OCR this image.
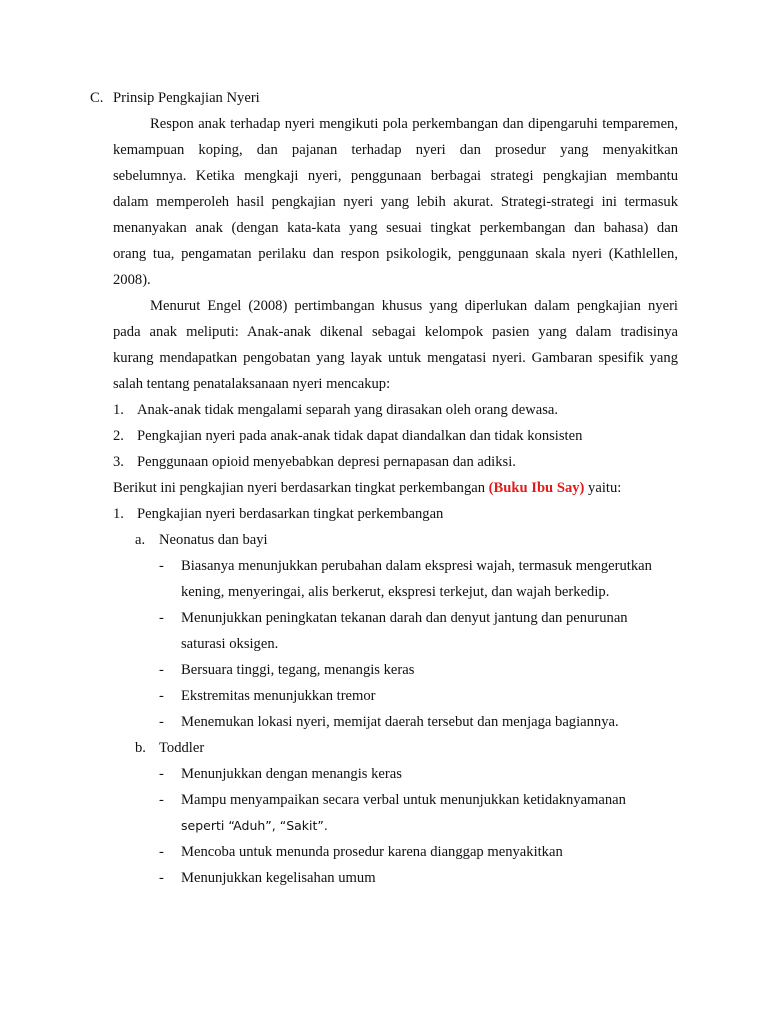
C. Prinsip Pengkajian Nyeri
Respon anak terhadap nyeri mengikuti pola perkembangan dan dipengaruhi temparemen,
kemampuan koping, dan pajanan terhadap nyeri dan prosedur yang menyakitkan
sebelumnya. Ketika mengkaji nyeri, penggunaan berbagai strategi pengkajian membantu
dalam memperoleh hasil pengkajian nyeri yang lebih akurat. Strategi-strategi ini termasuk
menanyakan anak (dengan kata-kata yang sesuai tingkat perkembangan dan bahasa) dan
orang tua, pengamatan perilaku dan respon psikologik, penggunaan skala nyeri (Kathlellen,
2008).
Menurut Engel (2008) pertimbangan khusus yang diperlukan dalam pengkajian nyeri
pada anak meliputi: Anak-anak dikenal sebagai kelompok pasien yang dalam tradisinya
kurang mendapatkan pengobatan yang layak untuk mengatasi nyeri. Gambaran spesifik yang
salah tentang penatalaksanaan nyeri mencakup:
1. Anak-anak tidak mengalami separah yang dirasakan oleh orang dewasa.
2. Pengkajian nyeri pada anak-anak tidak dapat diandalkan dan tidak konsisten
3. Penggunaan opioid menyebabkan depresi pernapasan dan adiksi.
Berikut ini pengkajian nyeri berdasarkan tingkat perkembangan (Buku Ibu Say) yaitu:
1. Pengkajian nyeri berdasarkan tingkat perkembangan
a. Neonatus dan bayi
- Biasanya menunjukkan perubahan dalam ekspresi wajah, termasuk mengerutkan
kening, menyeringai, alis berkerut, ekspresi terkejut, dan wajah berkedip.
- Menunjukkan peningkatan tekanan darah dan denyut jantung dan penurunan
saturasi oksigen.
- Bersuara tinggi, tegang, menangis keras
- Ekstremitas menunjukkan tremor
- Menemukan lokasi nyeri, memijat daerah tersebut dan menjaga bagiannya.
b. Toddler
- Menunjukkan dengan menangis keras
- Mampu menyampaikan secara verbal untuk menunjukkan ketidaknyamanan
seperti “Aduh”, “Sakit”.
- Mencoba untuk menunda prosedur karena dianggap menyakitkan
- Menunjukkan kegelisahan umum
